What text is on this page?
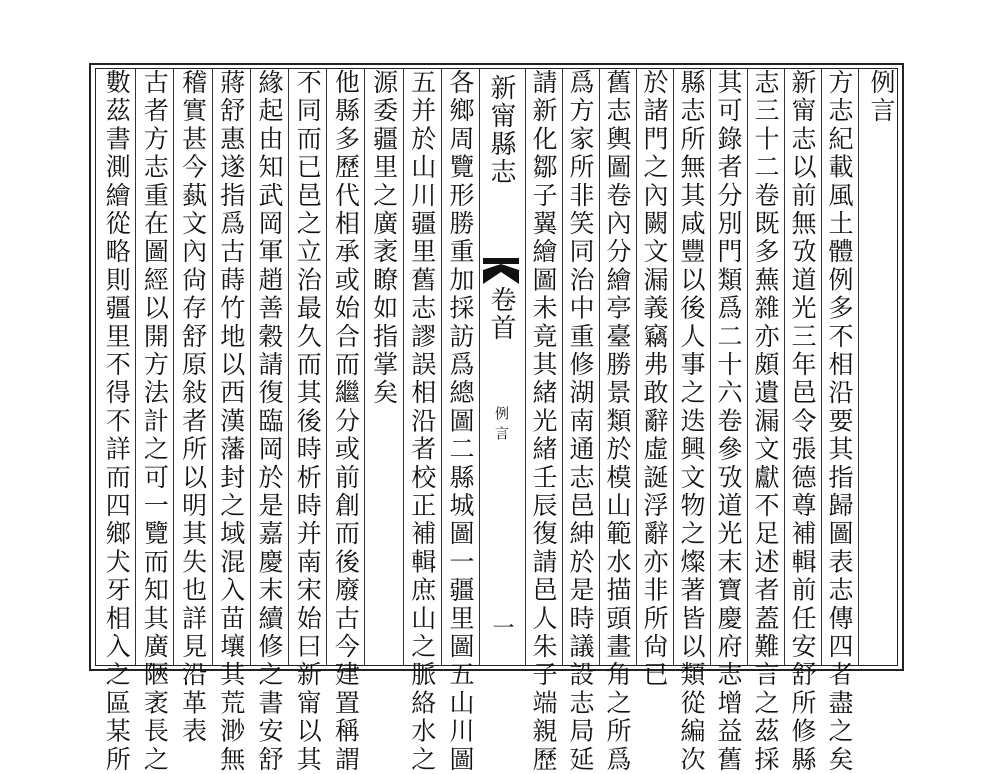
例言
新甯縣志
卷首
例言
一	方志紀載風土體例多不相沿要其指歸圖表志傳四者盡之矣
新甯志以前無攷道光三年邑令張德尊補輯前任安舒所修縣
志三十二卷既多蕪雜亦頗遺漏文獻不足述者蓋難言之茲採
其可錄者分別門類爲二十六卷參攷道光末寶慶府志增益舊
縣志所無其咸豐以後人事之迭興文物之燦著皆以類從編次
於諸門之內闕文漏義竊弗敢辭虛誕浮辭亦非所尙已
舊志輿圖卷內分繪亭臺勝景類於模山範水描頭畫角之所爲
爲方家所非笑同治中重修湖南通志邑紳於是時議設志局延
請新化鄒子翼繪圖未竟其緒光緒壬辰復請邑人朱子端親歷
各鄉周覽形勝重加採訪爲總圖二縣城圖一疆里圖五山川圖
五并於山川疆里舊志謬誤相沿者校正補輯庶山之脈絡水之
源委疆里之廣袤瞭如指掌矣
他縣多歷代相承或始合而繼分或前創而後廢古今建置稱謂
不同而已邑之立治最久而其後時析時并南宋始曰新甯以其
緣起由知武岡軍趙善穀請復臨岡於是嘉慶末續修之書安舒
蔣舒惠遂指爲古蒔竹地以西漢藩封之域混入苗壤其荒渺無
稽實甚今蓺文內尙存舒原敍者所以明其失也詳見沿革表
古者方志重在圖經以開方法計之可一覽而知其廣陿袤長之
數茲書測繪從略則疆里不得不詳而四鄉犬牙相入之區某所
